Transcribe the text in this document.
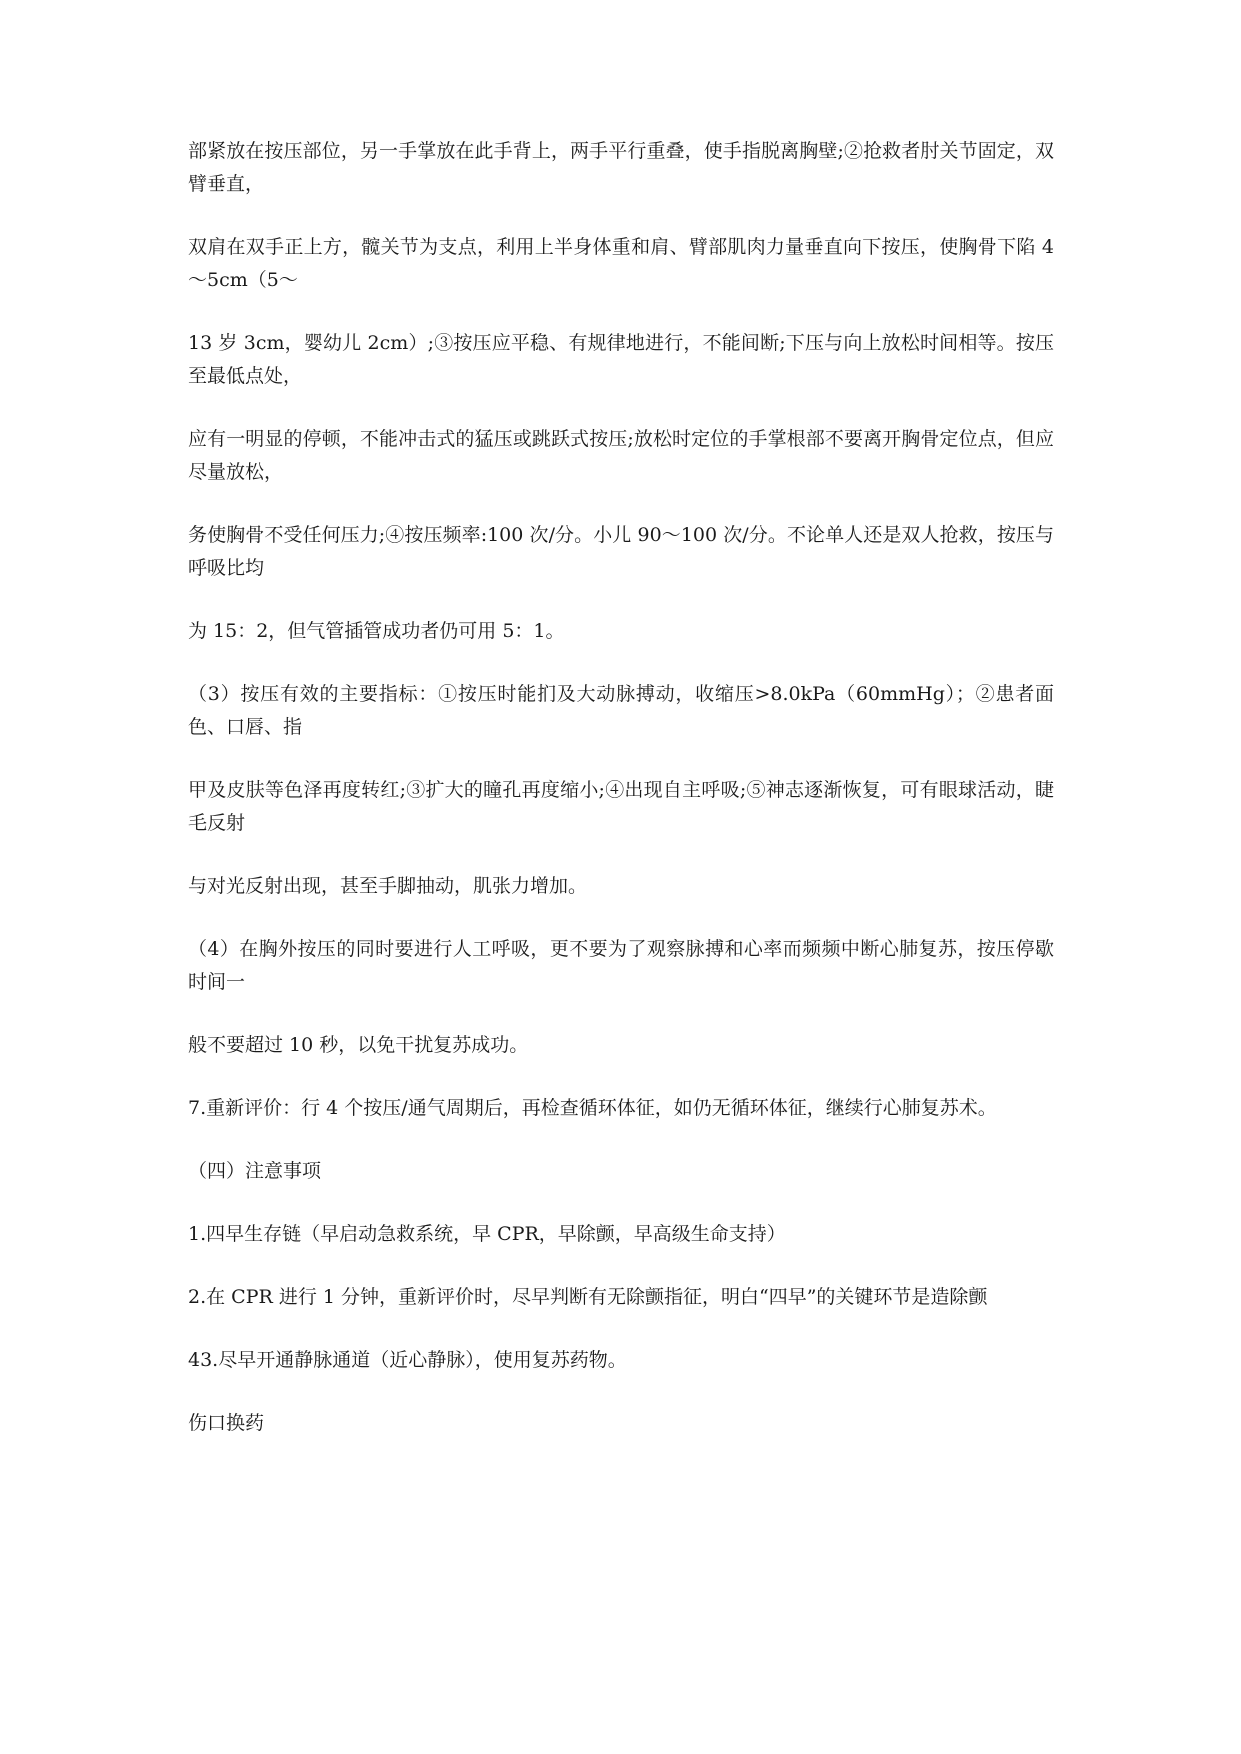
部紧放在按压部位，另一手掌放在此手背上，两手平行重叠，使手指脱离胸壁;②抢救者肘关节固定，双臂垂直，

双肩在双手正上方，髋关节为支点，利用上半身体重和肩、臂部肌肉力量垂直向下按压，使胸骨下陷 4～5cm（5～

13 岁 3cm，婴幼儿 2cm）;③按压应平稳、有规律地进行，不能间断;下压与向上放松时间相等。按压至最低点处，

应有一明显的停顿，不能冲击式的猛压或跳跃式按压;放松时定位的手掌根部不要离开胸骨定位点，但应尽量放松，

务使胸骨不受任何压力;④按压频率:100 次/分。小儿 90～100 次/分。不论单人还是双人抢救，按压与呼吸比均

为 15：2，但气管插管成功者仍可用 5：1。

（3）按压有效的主要指标：①按压时能扪及大动脉搏动，收缩压>8.0kPa（60mmHg）；②患者面色、口唇、指

甲及皮肤等色泽再度转红;③扩大的瞳孔再度缩小;④出现自主呼吸;⑤神志逐渐恢复，可有眼球活动，睫毛反射

与对光反射出现，甚至手脚抽动，肌张力增加。

（4）在胸外按压的同时要进行人工呼吸，更不要为了观察脉搏和心率而频频中断心肺复苏，按压停歇时间一

般不要超过 10 秒，以免干扰复苏成功。

7.重新评价：行 4 个按压/通气周期后，再检查循环体征，如仍无循环体征，继续行心肺复苏术。

（四）注意事项

1.四早生存链（早启动急救系统，早 CPR，早除颤，早高级生命支持）

2.在 CPR 进行 1 分钟，重新评价时，尽早判断有无除颤指征，明白“四早”的关键环节是造除颤

43.尽早开通静脉通道（近心静脉），使用复苏药物。

伤口换药
